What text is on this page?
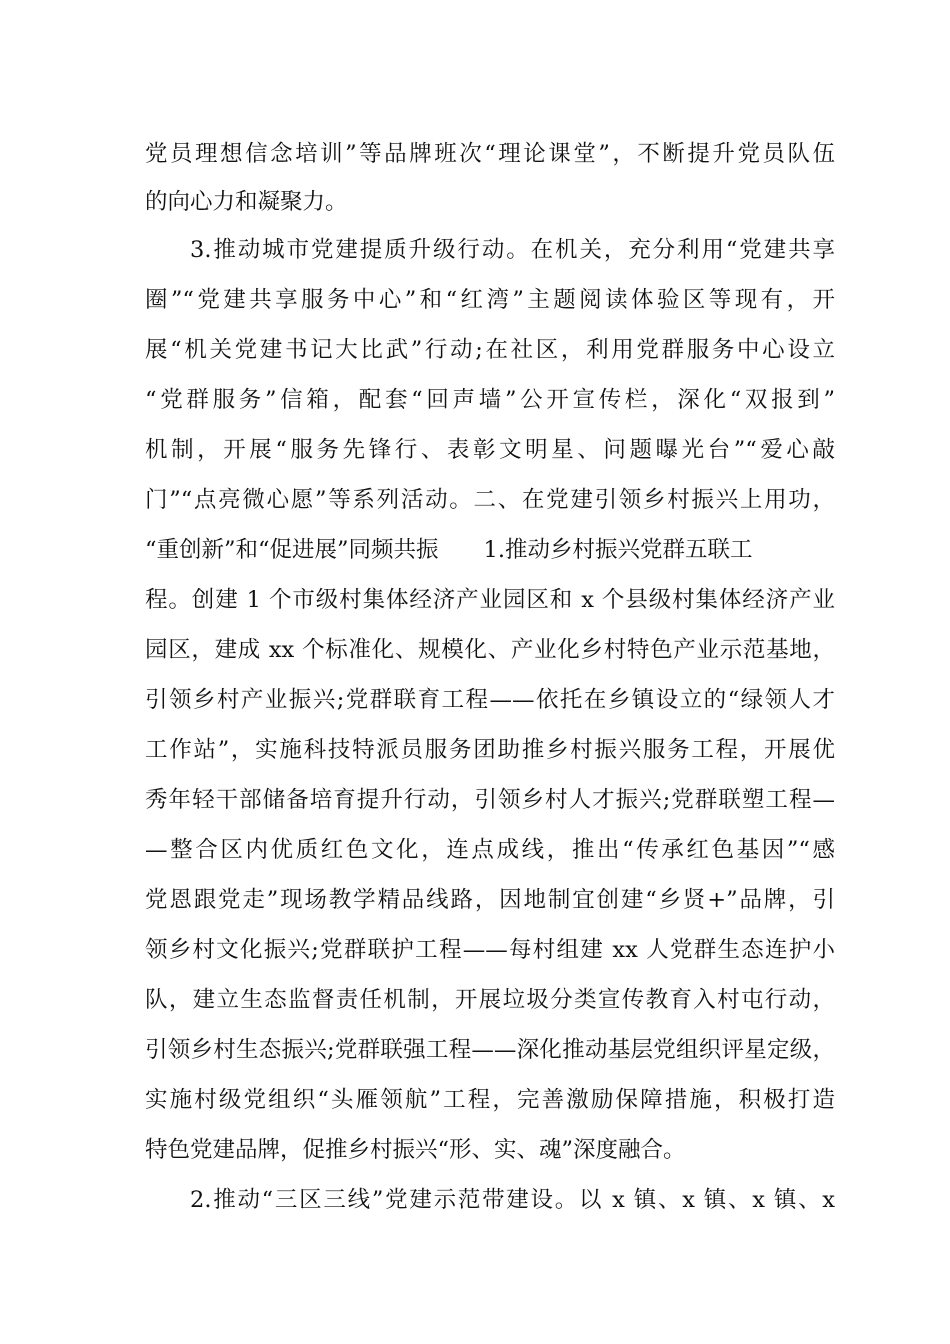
党员理想信念培训”等品牌班次“理论课堂”，不断提升党员队伍
的向心力和凝聚力。
3.推动城市党建提质升级行动。在机关，充分利用“党建共享
圈”“党建共享服务中心”和“红湾”主题阅读体验区等现有，开
展“机关党建书记大比武”行动;在社区，利用党群服务中心设立
“党群服务”信箱，配套“回声墙”公开宣传栏，深化“双报到”
机制，开展“服务先锋行、表彰文明星、问题曝光台”“爱心敲
门”“点亮微心愿”等系列活动。二、在党建引领乡村振兴上用功，
“重创新”和“促进展”同频共振　　1.推动乡村振兴党群五联工
程。创建 1 个市级村集体经济产业园区和 x 个县级村集体经济产业
园区，建成 xx 个标准化、规模化、产业化乡村特色产业示范基地，
引领乡村产业振兴;党群联育工程——依托在乡镇设立的“绿领人才
工作站”，实施科技特派员服务团助推乡村振兴服务工程，开展优
秀年轻干部储备培育提升行动，引领乡村人才振兴;党群联塑工程—
—整合区内优质红色文化，连点成线，推出“传承红色基因”“感
党恩跟党走”现场教学精品线路，因地制宜创建“乡贤+”品牌，引
领乡村文化振兴;党群联护工程——每村组建 xx 人党群生态连护小
队，建立生态监督责任机制，开展垃圾分类宣传教育入村屯行动，
引领乡村生态振兴;党群联强工程——深化推动基层党组织评星定级，
实施村级党组织“头雁领航”工程，完善激励保障措施，积极打造
特色党建品牌，促推乡村振兴“形、实、魂”深度融合。
2.推动“三区三线”党建示范带建设。以 x 镇、x 镇、x 镇、x
